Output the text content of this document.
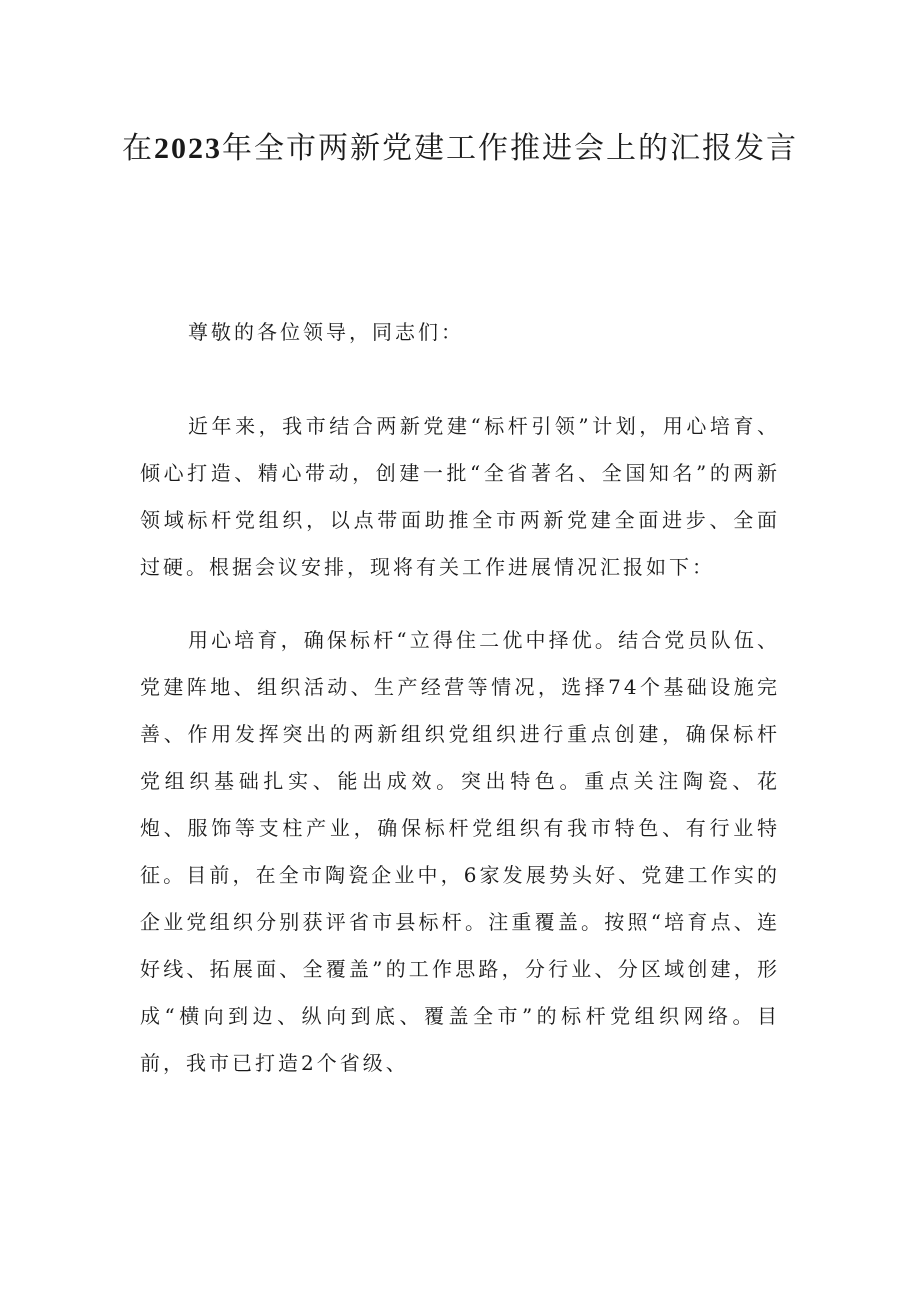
在2023年全市两新党建工作推进会上的汇报发言

尊敬的各位领导，同志们：

近年来，我市结合两新党建“标杆引领”计划，用心培育、倾心打造、精心带动，创建一批“全省著名、全国知名”的两新领域标杆党组织，以点带面助推全市两新党建全面进步、全面过硬。根据会议安排，现将有关工作进展情况汇报如下：

用心培育，确保标杆“立得住二优中择优。结合党员队伍、党建阵地、组织活动、生产经营等情况，选择74个基础设施完善、作用发挥突出的两新组织党组织进行重点创建，确保标杆党组织基础扎实、能出成效。突出特色。重点关注陶瓷、花炮、服饰等支柱产业，确保标杆党组织有我市特色、有行业特征。目前，在全市陶瓷企业中，6家发展势头好、党建工作实的企业党组织分别获评省市县标杆。注重覆盖。按照“培育点、连好线、拓展面、全覆盖”的工作思路，分行业、分区域创建，形成“横向到边、纵向到底、覆盖全市”的标杆党组织网络。目前，我市已打造2个省级、
